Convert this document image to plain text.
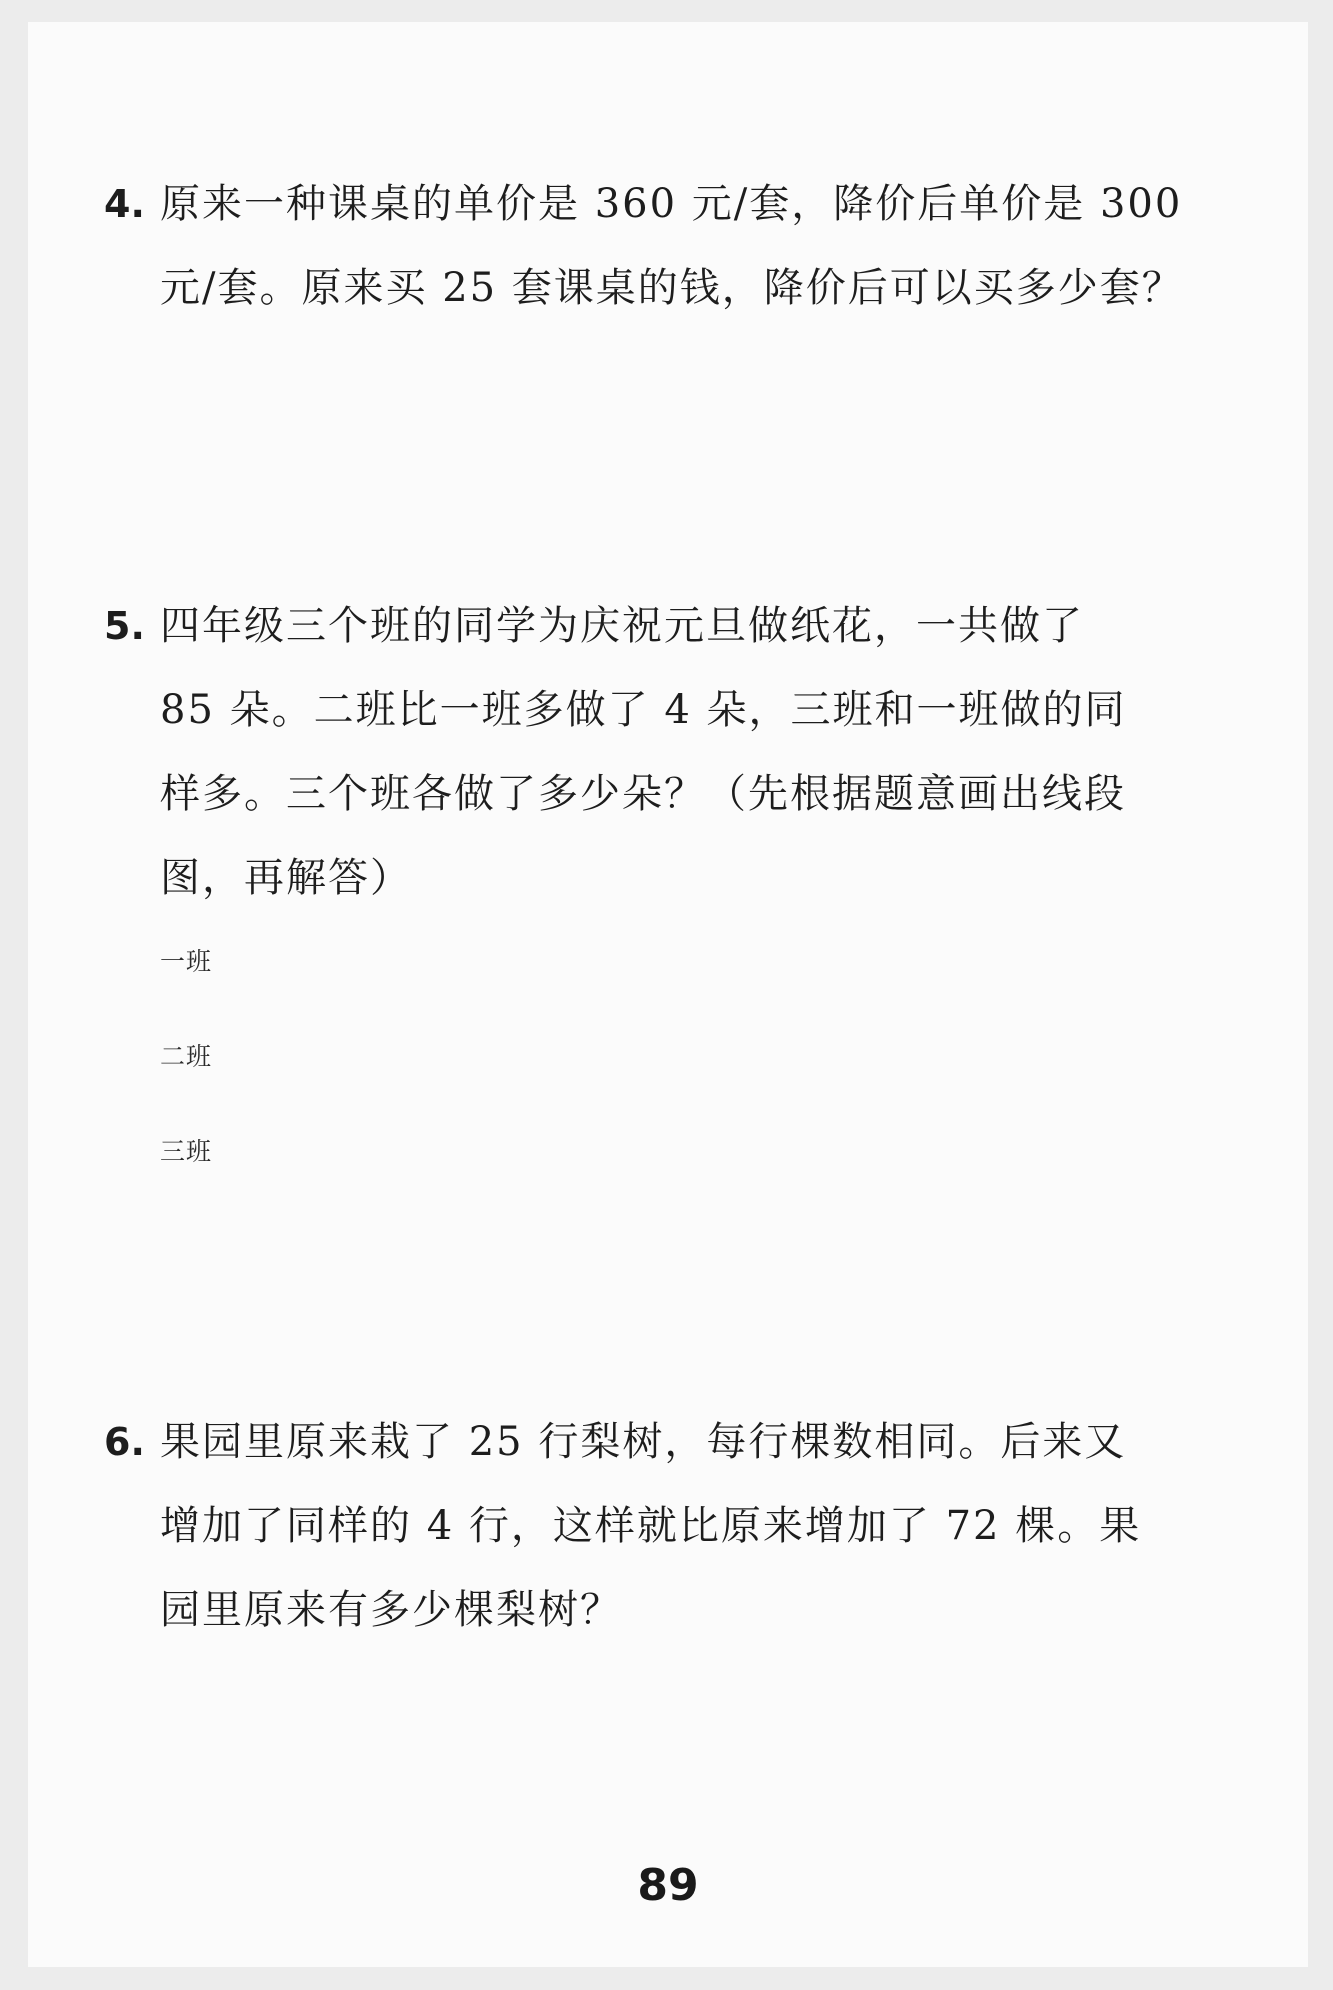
4. 原来一种课桌的单价是 360 元/套，降价后单价是 300
元/套。原来买 25 套课桌的钱，降价后可以买多少套？
5. 四年级三个班的同学为庆祝元旦做纸花，一共做了
85 朵。二班比一班多做了 4 朵，三班和一班做的同
样多。三个班各做了多少朵？（先根据题意画出线段
图，再解答）
一班
二班
三班
6. 果园里原来栽了 25 行梨树，每行棵数相同。后来又
增加了同样的 4 行，这样就比原来增加了 72 棵。果
园里原来有多少棵梨树？
89
